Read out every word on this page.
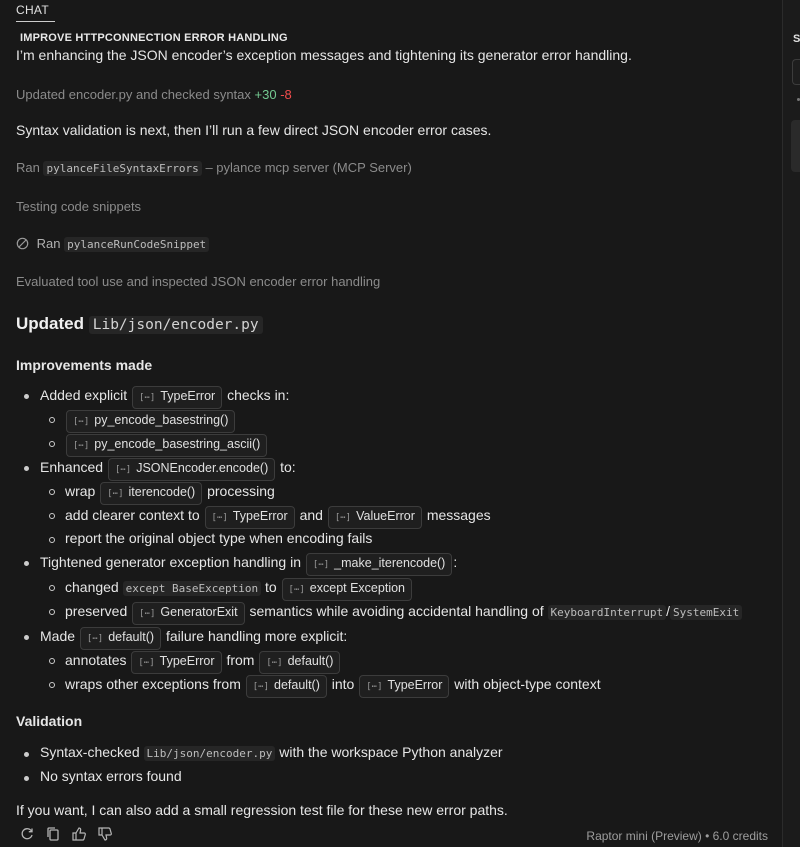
CHAT
IMPROVE HTTPCONNECTION ERROR HANDLING
I’m enhancing the JSON encoder’s exception messages and tightening its generator error handling.
Updated encoder.py and checked syntax +30 -8
Syntax validation is next, then I’ll run a few direct JSON encoder error cases.
Ran pylanceFileSyntaxErrors – pylance mcp server (MCP Server)
Testing code snippets
Ran pylanceRunCodeSnippet
Evaluated tool use and inspected JSON encoder error handling
Updated Lib/json/encoder.py
Improvements made
Added explicit [⋯] TypeError checks in:
[⋯] py_encode_basestring()
[⋯] py_encode_basestring_ascii()
Enhanced [⋯] JSONEncoder.encode() to:
wrap [⋯] iterencode() processing
add clearer context to [⋯] TypeError and [⋯] ValueError messages
report the original object type when encoding fails
Tightened generator exception handling in [⋯] _make_iterencode() :
changed except BaseException to [⋯] except Exception
preserved [⋯] GeneratorExit semantics while avoiding accidental handling of KeyboardInterrupt / SystemExit
Made [⋯] default() failure handling more explicit:
annotates [⋯] TypeError from [⋯] default()
wraps other exceptions from [⋯] default() into [⋯] TypeError with object-type context
Validation
Syntax-checked Lib/json/encoder.py with the workspace Python analyzer
No syntax errors found
If you want, I can also add a small regression test file for these new error paths.
Raptor mini (Preview) • 6.0 credits
S
